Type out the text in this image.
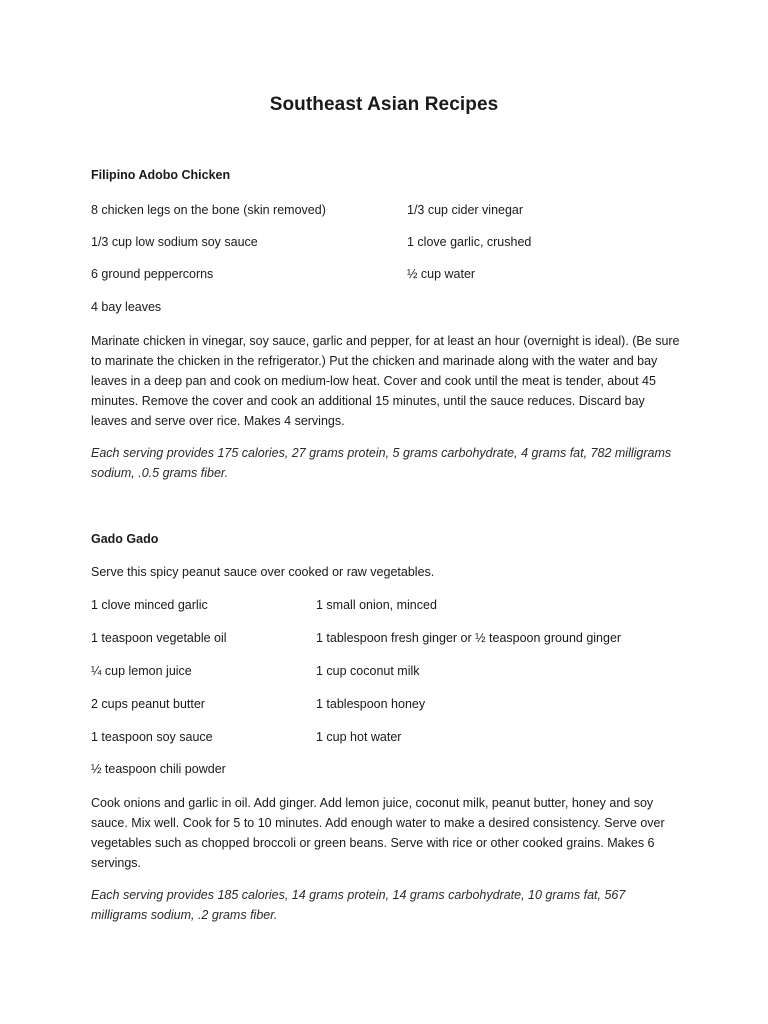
Southeast Asian Recipes
Filipino Adobo Chicken
8 chicken legs on the bone (skin removed)	1/3 cup cider vinegar
1/3 cup low sodium soy sauce	1 clove garlic, crushed
6 ground peppercorns	½ cup water
4 bay leaves

Marinate chicken in vinegar, soy sauce, garlic and pepper, for at least an hour (overnight is ideal). (Be sure to marinate the chicken in the refrigerator.) Put the chicken and marinade along with the water and bay leaves in a deep pan and cook on medium-low heat. Cover and cook until the meat is tender, about 45 minutes. Remove the cover and cook an additional 15 minutes, until the sauce reduces. Discard bay leaves and serve over rice. Makes 4 servings.

Each serving provides 175 calories, 27 grams protein, 5 grams carbohydrate, 4 grams fat, 782 milligrams sodium, .0.5 grams fiber.

Gado Gado
Serve this spicy peanut sauce over cooked or raw vegetables.
1 clove minced garlic	1 small onion, minced
1 teaspoon vegetable oil	1 tablespoon fresh ginger or ½ teaspoon ground ginger
¼ cup lemon juice	1 cup coconut milk
2 cups peanut butter	1 tablespoon honey
1 teaspoon soy sauce	1 cup hot water
½ teaspoon chili powder

Cook onions and garlic in oil. Add ginger. Add lemon juice, coconut milk, peanut butter, honey and soy sauce. Mix well. Cook for 5 to 10 minutes. Add enough water to make a desired consistency. Serve over vegetables such as chopped broccoli or green beans. Serve with rice or other cooked grains. Makes 6 servings.

Each serving provides 185 calories, 14 grams protein, 14 grams carbohydrate, 10 grams fat, 567 milligrams sodium, .2 grams fiber.
